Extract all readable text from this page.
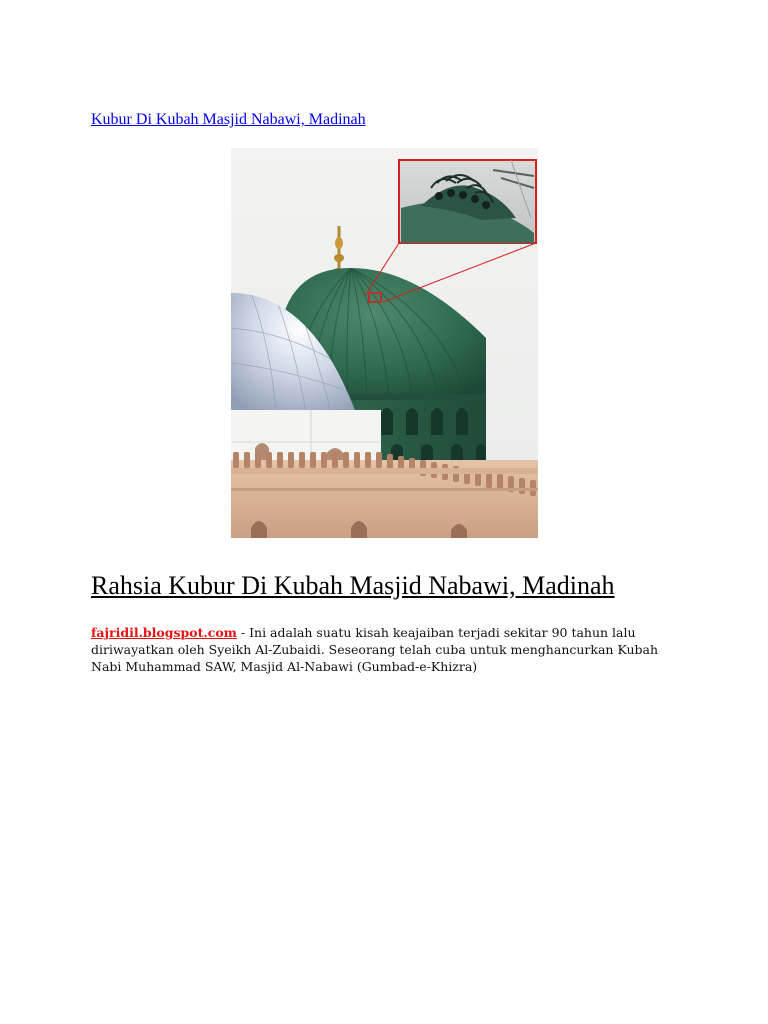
Kubur Di Kubah Masjid Nabawi, Madinah
Rahsia Kubur Di Kubah Masjid Nabawi, Madinah

fajridil.blogspot.com - Ini adalah suatu kisah keajaiban terjadi sekitar 90 tahun lalu diriwayatkan oleh Syeikh Al-Zubaidi. Seseorang telah cuba untuk menghancurkan Kubah Nabi Muhammad SAW, Masjid Al-Nabawi (Gumbad-e-Khizra)
